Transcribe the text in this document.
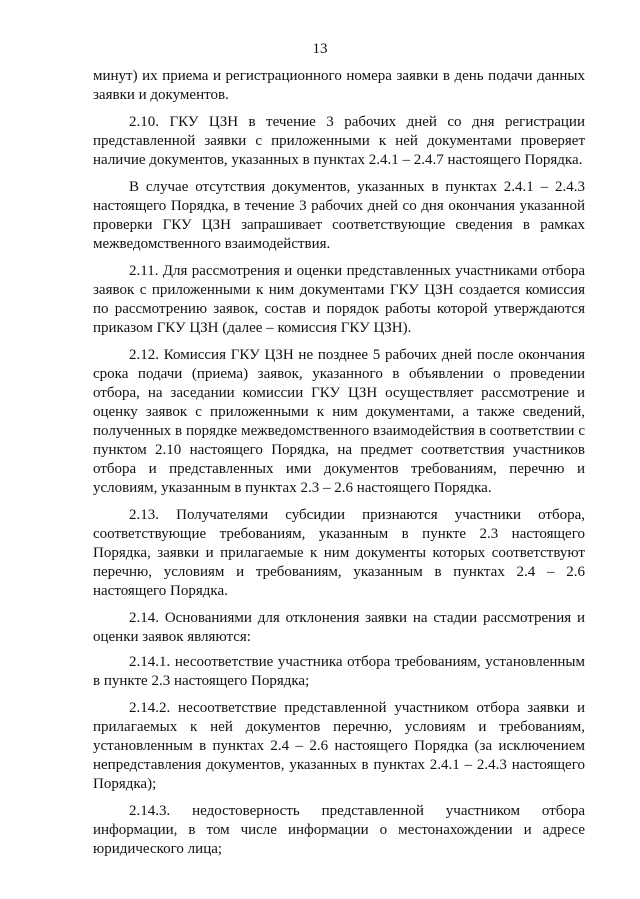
13

минут) их приема и регистрационного номера заявки в день подачи данных заявки и документов.

2.10. ГКУ ЦЗН в течение 3 рабочих дней со дня регистрации представленной заявки с приложенными к ней документами проверяет наличие документов, указанных в пунктах 2.4.1 – 2.4.7 настоящего Порядка.

В случае отсутствия документов, указанных в пунктах 2.4.1 – 2.4.3 настоящего Порядка, в течение 3 рабочих дней со дня окончания указанной проверки ГКУ ЦЗН запрашивает соответствующие сведения в рамках межведомственного взаимодействия.

2.11. Для рассмотрения и оценки представленных участниками отбора заявок с приложенными к ним документами ГКУ ЦЗН создается комиссия по рассмотрению заявок, состав и порядок работы которой утверждаются приказом ГКУ ЦЗН (далее – комиссия ГКУ ЦЗН).

2.12. Комиссия ГКУ ЦЗН не позднее 5 рабочих дней после окончания срока подачи (приема) заявок, указанного в объявлении о проведении отбора, на заседании комиссии ГКУ ЦЗН осуществляет рассмотрение и оценку заявок с приложенными к ним документами, а также сведений, полученных в порядке межведомственного взаимодействия в соответствии с пунктом 2.10 настоящего Порядка, на предмет соответствия участников отбора и представленных ими документов требованиям, перечню и условиям, указанным в пунктах 2.3 – 2.6 настоящего Порядка.

2.13. Получателями субсидии признаются участники отбора, соответствующие требованиям, указанным в пункте 2.3 настоящего Порядка, заявки и прилагаемые к ним документы которых соответствуют перечню, условиям и требованиям, указанным в пунктах 2.4 – 2.6 настоящего Порядка.

2.14. Основаниями для отклонения заявки на стадии рассмотрения и оценки заявок являются:

2.14.1. несоответствие участника отбора требованиям, установленным в пункте 2.3 настоящего Порядка;

2.14.2. несоответствие представленной участником отбора заявки и прилагаемых к ней документов перечню, условиям и требованиям, установленным в пунктах 2.4 – 2.6 настоящего Порядка (за исключением непредставления документов, указанных в пунктах 2.4.1 – 2.4.3 настоящего Порядка);

2.14.3. недостоверность представленной участником отбора информации, в том числе информации о местонахождении и адресе юридического лица;
